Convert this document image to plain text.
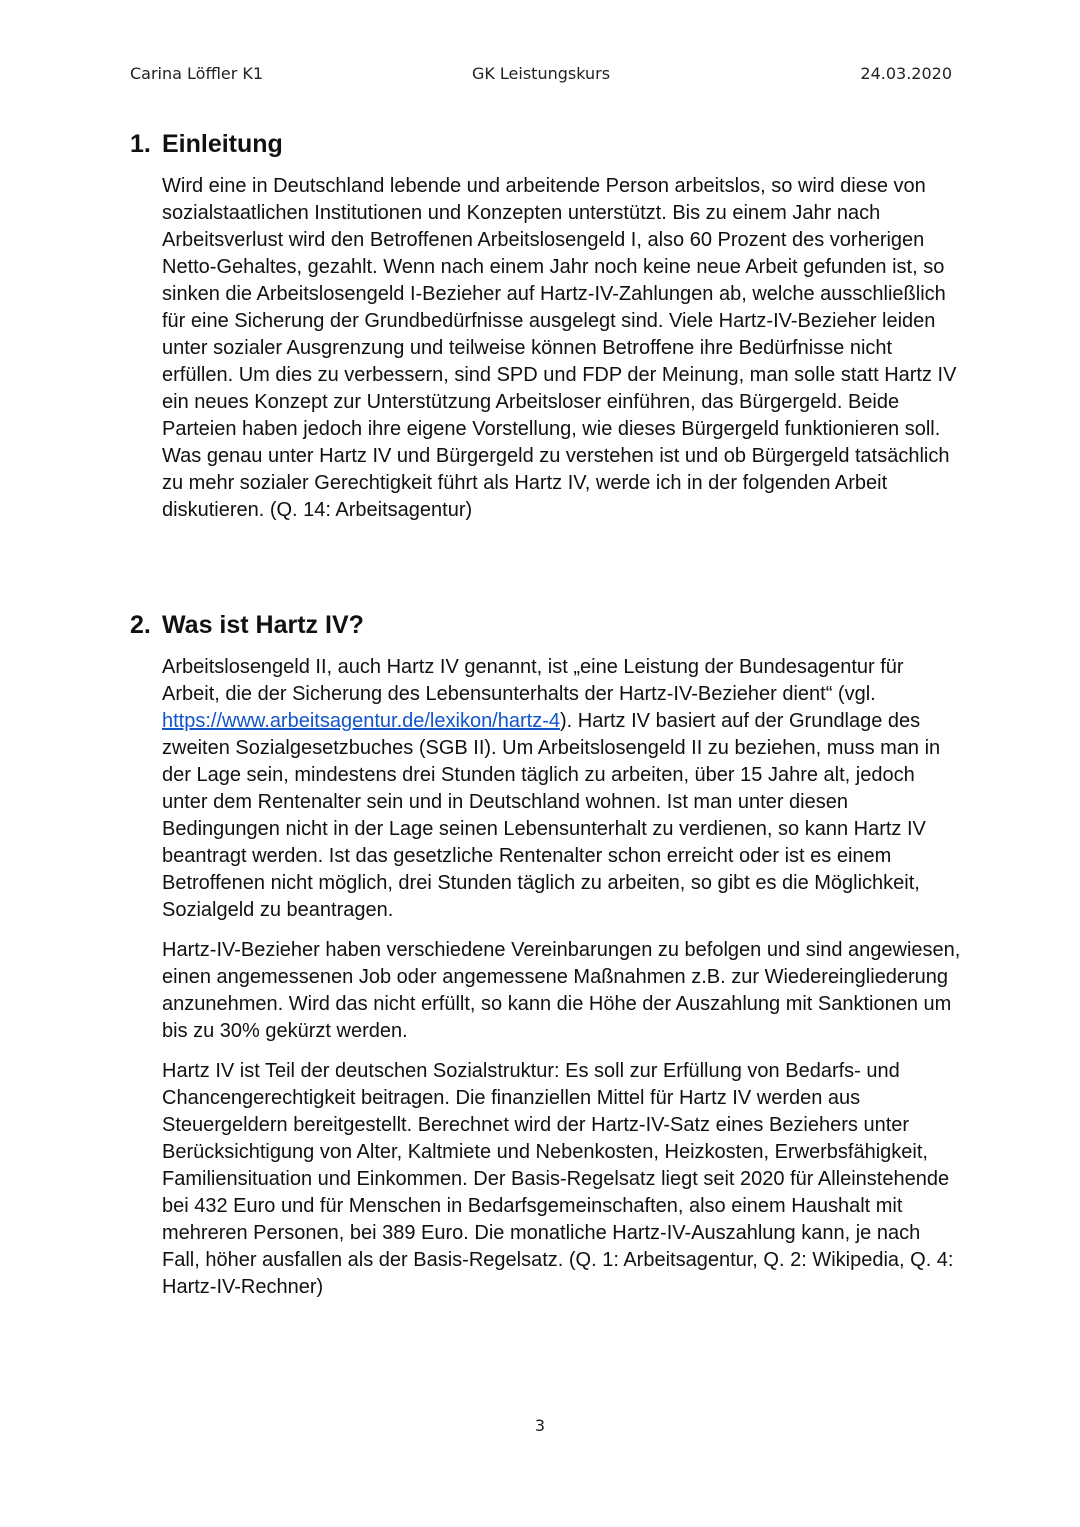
Carina Löffler K1	GK Leistungskurs	24.03.2020
1. Einleitung

Wird eine in Deutschland lebende und arbeitende Person arbeitslos, so wird diese von sozialstaatlichen Institutionen und Konzepten unterstützt. Bis zu einem Jahr nach Arbeitsverlust wird den Betroffenen Arbeitslosengeld I, also 60 Prozent des vorherigen Netto-Gehaltes, gezahlt. Wenn nach einem Jahr noch keine neue Arbeit gefunden ist, so sinken die Arbeitslosengeld I-Bezieher auf Hartz-IV-Zahlungen ab, welche ausschließlich für eine Sicherung der Grundbedürfnisse ausgelegt sind. Viele Hartz-IV-Bezieher leiden unter sozialer Ausgrenzung und teilweise können Betroffene ihre Bedürfnisse nicht erfüllen. Um dies zu verbessern, sind SPD und FDP der Meinung, man solle statt Hartz IV ein neues Konzept zur Unterstützung Arbeitsloser einführen, das Bürgergeld. Beide Parteien haben jedoch ihre eigene Vorstellung, wie dieses Bürgergeld funktionieren soll. Was genau unter Hartz IV und Bürgergeld zu verstehen ist und ob Bürgergeld tatsächlich zu mehr sozialer Gerechtigkeit führt als Hartz IV, werde ich in der folgenden Arbeit diskutieren. (Q. 14: Arbeitsagentur)

2. Was ist Hartz IV?

Arbeitslosengeld II, auch Hartz IV genannt, ist „eine Leistung der Bundesagentur für Arbeit, die der Sicherung des Lebensunterhalts der Hartz-IV-Bezieher dient“ (vgl. https://www.arbeitsagentur.de/lexikon/hartz-4). Hartz IV basiert auf der Grundlage des zweiten Sozialgesetzbuches (SGB II). Um Arbeitslosengeld II zu beziehen, muss man in der Lage sein, mindestens drei Stunden täglich zu arbeiten, über 15 Jahre alt, jedoch unter dem Rentenalter sein und in Deutschland wohnen. Ist man unter diesen Bedingungen nicht in der Lage seinen Lebensunterhalt zu verdienen, so kann Hartz IV beantragt werden. Ist das gesetzliche Rentenalter schon erreicht oder ist es einem Betroffenen nicht möglich, drei Stunden täglich zu arbeiten, so gibt es die Möglichkeit, Sozialgeld zu beantragen.

Hartz-IV-Bezieher haben verschiedene Vereinbarungen zu befolgen und sind angewiesen, einen angemessenen Job oder angemessene Maßnahmen z.B. zur Wiedereingliederung anzunehmen. Wird das nicht erfüllt, so kann die Höhe der Auszahlung mit Sanktionen um bis zu 30% gekürzt werden.

Hartz IV ist Teil der deutschen Sozialstruktur: Es soll zur Erfüllung von Bedarfs- und Chancengerechtigkeit beitragen. Die finanziellen Mittel für Hartz IV werden aus Steuergeldern bereitgestellt. Berechnet wird der Hartz-IV-Satz eines Beziehers unter Berücksichtigung von Alter, Kaltmiete und Nebenkosten, Heizkosten, Erwerbsfähigkeit, Familiensituation und Einkommen. Der Basis-Regelsatz liegt seit 2020 für Alleinstehende bei 432 Euro und für Menschen in Bedarfsgemeinschaften, also einem Haushalt mit mehreren Personen, bei 389 Euro. Die monatliche Hartz-IV-Auszahlung kann, je nach Fall, höher ausfallen als der Basis-Regelsatz. (Q. 1: Arbeitsagentur, Q. 2: Wikipedia, Q. 4: Hartz-IV-Rechner)

3
